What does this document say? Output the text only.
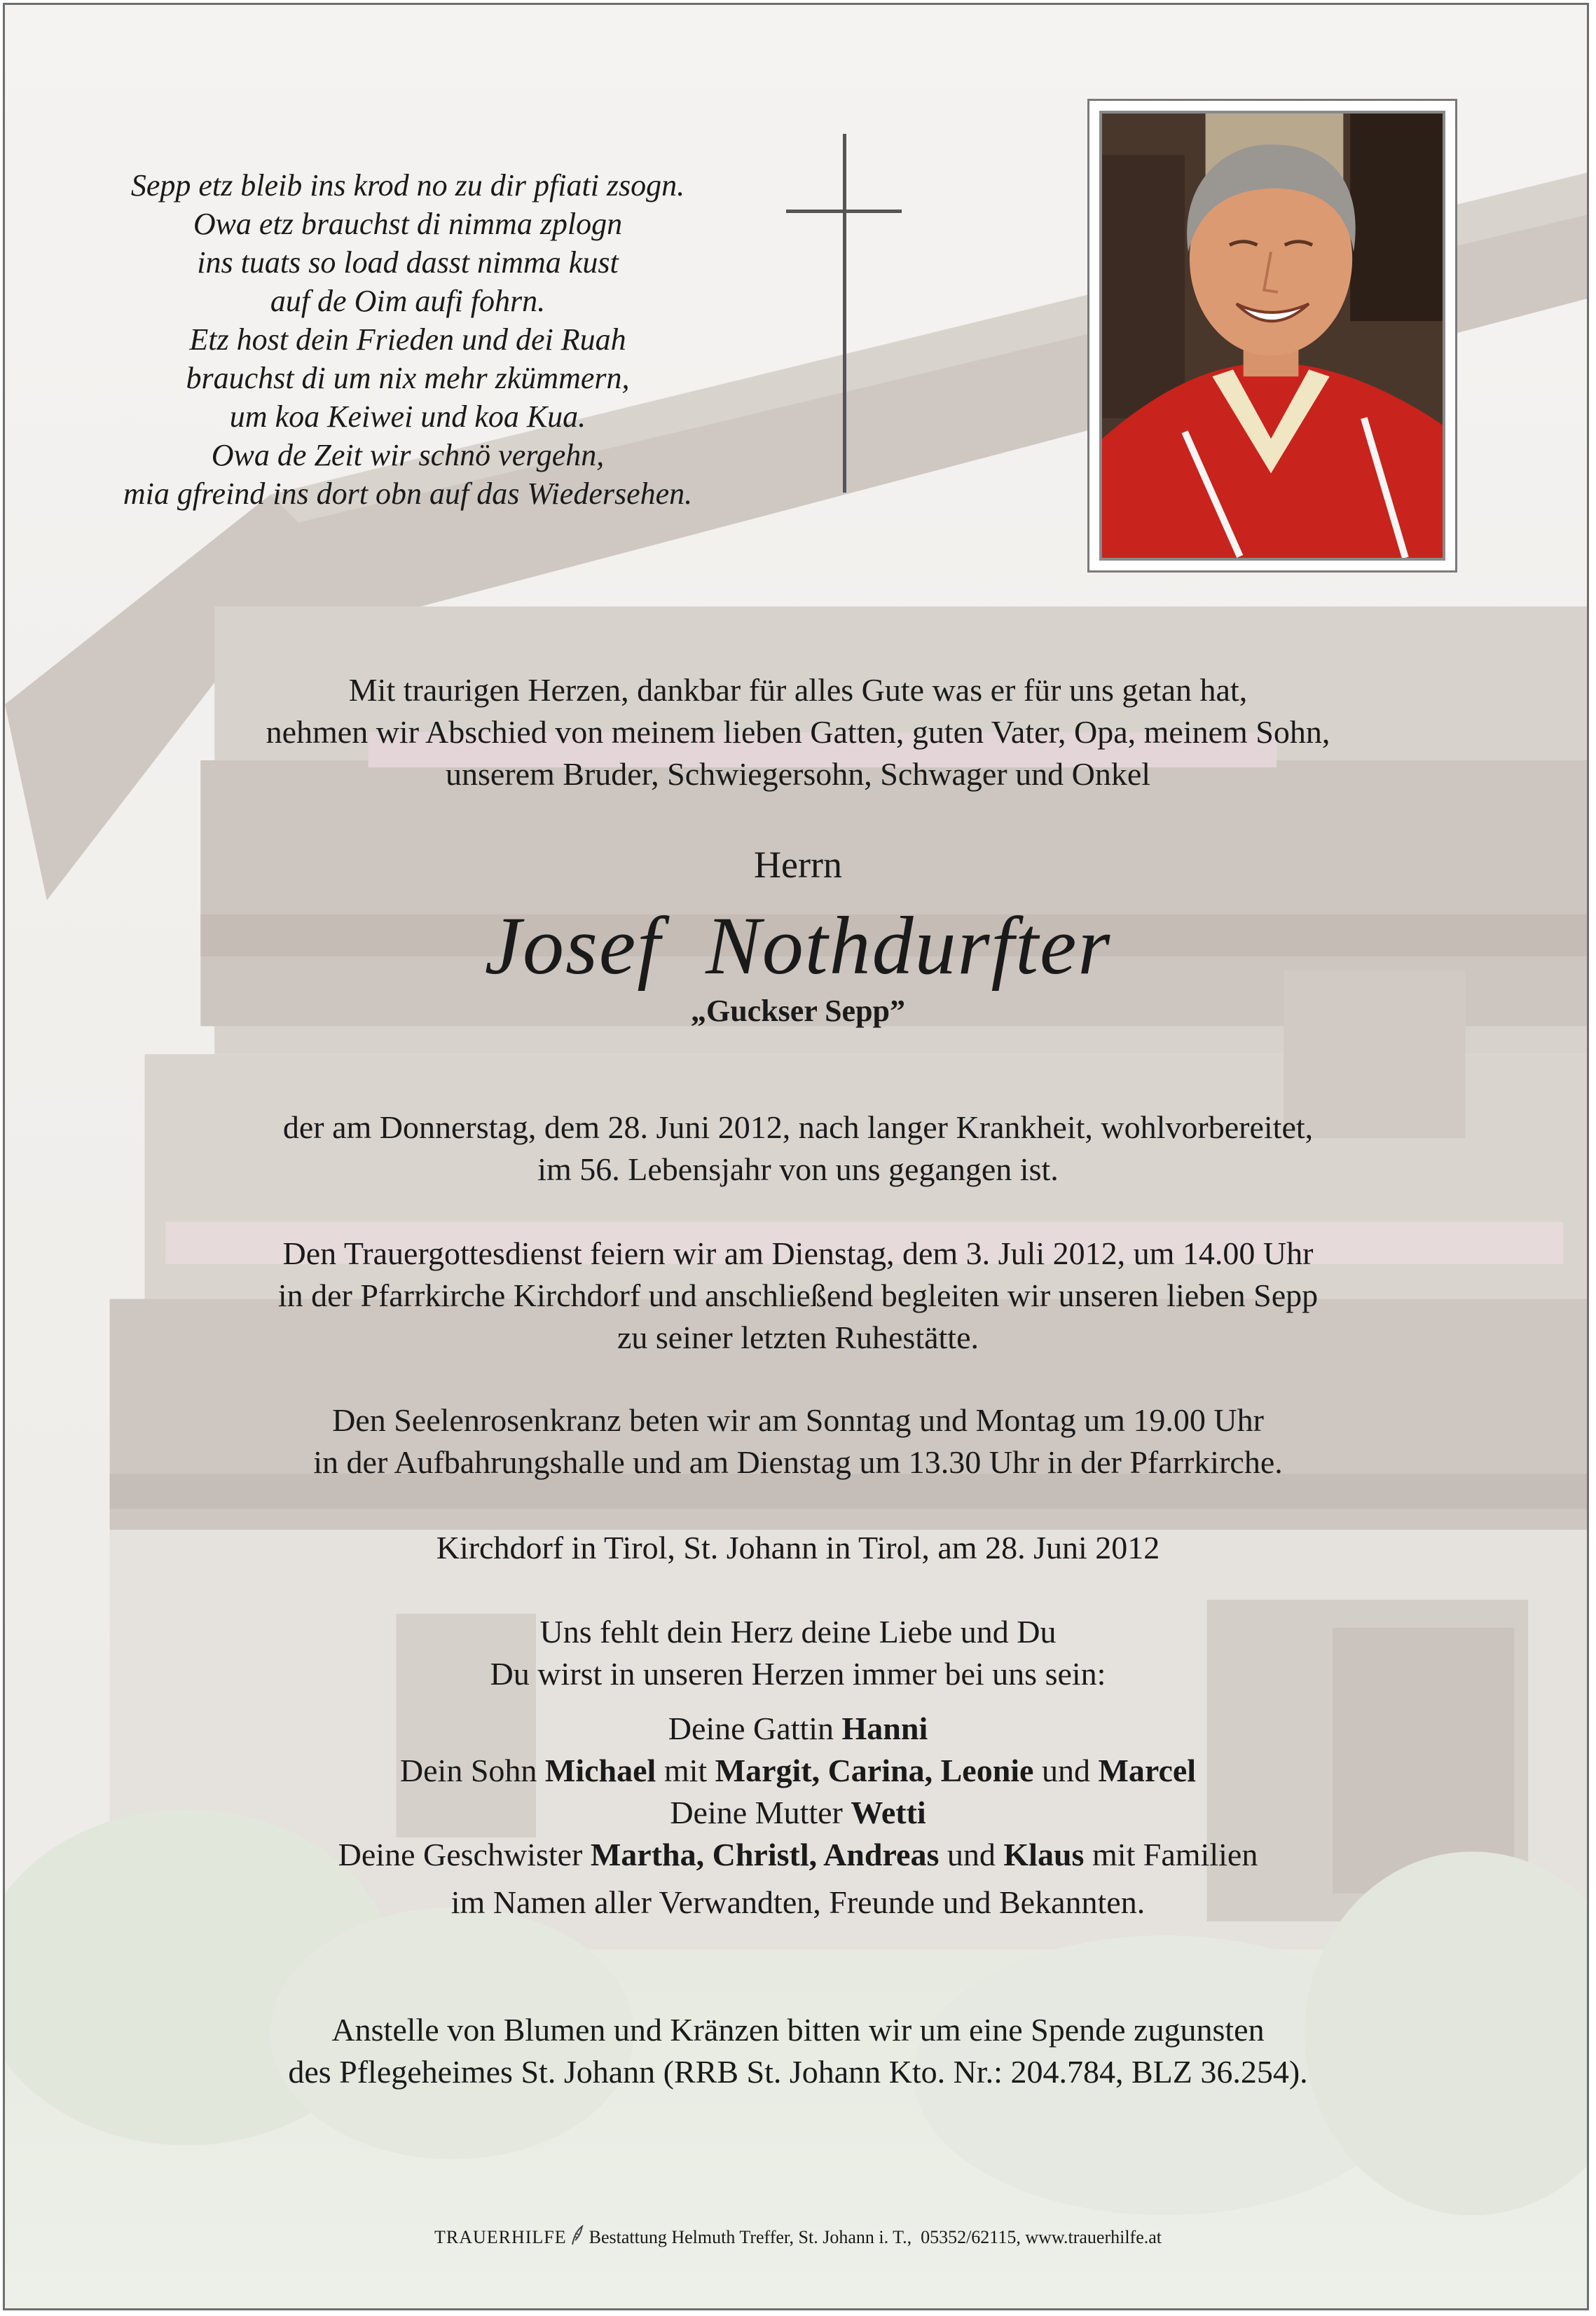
Sepp etz bleib ins krod no zu dir pfiati zsogn.
Owa etz brauchst di nimma zplogn
ins tuats so load dasst nimma kust
auf de Oim aufi fohrn.
Etz host dein Frieden und dei Ruah
brauchst di um nix mehr zkümmern,
um koa Keiwei und koa Kua.
Owa de Zeit wir schnö vergehn,
mia gfreind ins dort obn auf das Wiedersehen.
Mit traurigen Herzen, dankbar für alles Gute was er für uns getan hat,
nehmen wir Abschied von meinem lieben Gatten, guten Vater, Opa, meinem Sohn,
unserem Bruder, Schwiegersohn, Schwager und Onkel
Herrn
Josef  Nothdurfter
„Guckser Sepp”
der am Donnerstag, dem 28. Juni 2012, nach langer Krankheit, wohlvorbereitet,
im 56. Lebensjahr von uns gegangen ist.
Den Trauergottesdienst feiern wir am Dienstag, dem 3. Juli 2012, um 14.00 Uhr
in der Pfarrkirche Kirchdorf und anschließend begleiten wir unseren lieben Sepp
zu seiner letzten Ruhestätte.
Den Seelenrosenkranz beten wir am Sonntag und Montag um 19.00 Uhr
in der Aufbahrungshalle und am Dienstag um 13.30 Uhr in der Pfarrkirche.
Kirchdorf in Tirol, St. Johann in Tirol, am 28. Juni 2012
Uns fehlt dein Herz deine Liebe und Du
Du wirst in unseren Herzen immer bei uns sein:
Deine Gattin Hanni
Dein Sohn Michael mit Margit, Carina, Leonie und Marcel
Deine Mutter Wetti
Deine Geschwister Martha, Christl, Andreas und Klaus mit Familien
im Namen aller Verwandten, Freunde und Bekannten.
Anstelle von Blumen und Kränzen bitten wir um eine Spende zugunsten
des Pflegeheimes St. Johann (RRB St. Johann Kto. Nr.: 204.784, BLZ 36.254).
TRAUERHILFE Bestattung Helmuth Treffer, St. Johann i. T.,  05352/62115, www.trauerhilfe.at
